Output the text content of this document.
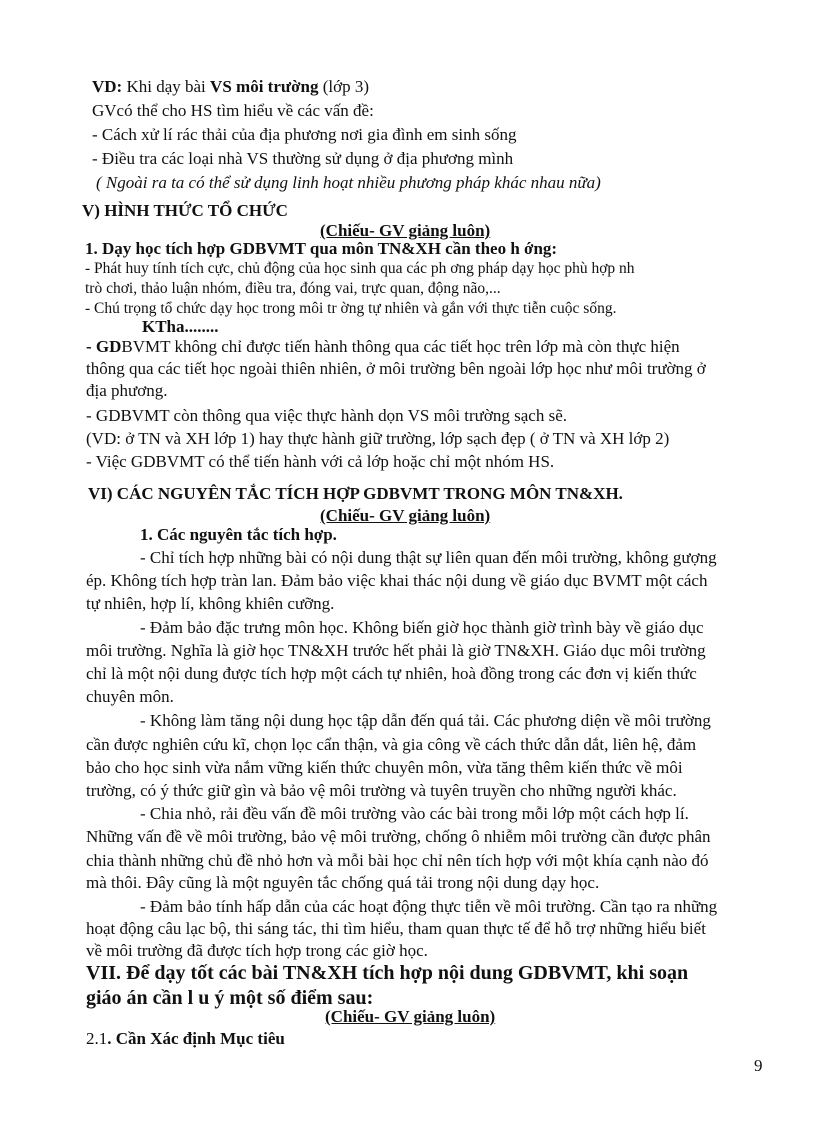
VD: Khi dạy bài VS môi trường (lớp 3)
GVcó thể cho HS tìm hiểu về các vấn đề:
- Cách xử lí rác thải của địa phương nơi gia đình em sinh sống
- Điều tra các loại nhà VS thường sử dụng ở địa phương mình
( Ngoài ra ta có thể sử dụng linh hoạt nhiều phương pháp khác nhau nữa)
V) HÌNH THỨC TỔ CHỨC
(Chiếu- GV giảng luôn)
1. Dạy học tích hợp GDBVMT qua môn TN&XH cần theo h ớng:
- Phát huy tính tích cực, chủ động của học sinh qua các ph ơng pháp dạy học phù hợp nh
trò chơi, thảo luận nhóm, điều tra, đóng vai, trực quan, động não,...
- Chú trọng tổ chức dạy học trong môi tr ờng tự nhiên và gắn với thực tiễn cuộc sống.
KTha........
- GDBVMT không chỉ được tiến hành thông qua các tiết học trên lớp mà còn thực hiện
thông qua các tiết học ngoài thiên nhiên, ở môi trường bên ngoài lớp học như môi trường ở
địa phương.
- GDBVMT còn thông qua việc thực hành dọn VS môi trường sạch sẽ.
(VD: ở TN và XH lớp 1) hay thực hành giữ trường, lớp sạch đẹp ( ở TN và XH lớp 2)
- Việc GDBVMT có thể tiến hành với cả lớp hoặc chỉ một nhóm HS.
VI) CÁC NGUYÊN TẮC TÍCH HỢP GDBVMT TRONG MÔN TN&XH.
(Chiếu- GV giảng luôn)
1. Các nguyên tắc tích hợp.
- Chỉ tích hợp những bài có nội dung thật sự liên quan đến môi trường, không gượng
ép. Không tích hợp tràn lan. Đảm bảo việc khai thác nội dung về giáo dục BVMT một cách
tự nhiên, hợp lí, không khiên cưỡng.
- Đảm bảo đặc trưng môn học. Không biến giờ học thành giờ trình bày về giáo dục
môi trường. Nghĩa là giờ học TN&XH trước hết phải là giờ TN&XH. Giáo dục môi trường
chỉ là một nội dung được tích hợp một cách tự nhiên, hoà đồng trong các đơn vị kiến thức
chuyên môn.
- Không làm tăng nội dung học tập dẫn đến quá tải. Các phương diện về môi trường
cần được nghiên cứu kĩ, chọn lọc cẩn thận, và gia công về cách thức dẫn dắt, liên hệ, đảm
bảo cho học sinh vừa nắm vững kiến thức chuyên môn, vừa tăng thêm kiến thức về môi
trường, có ý thức giữ gìn và bảo vệ môi trường và tuyên truyền cho những người khác.
- Chia nhỏ, rải đều vấn đề môi trường vào các bài trong mỗi lớp một cách hợp lí.
Những vấn đề về môi trường, bảo vệ môi trường, chống ô nhiễm môi trường cần được phân
chia thành những chủ đề nhỏ hơn và mỗi bài học chỉ nên tích hợp với một khía cạnh nào đó
mà thôi. Đây cũng là một nguyên tắc chống quá tải trong nội dung dạy học.
- Đảm bảo tính hấp dẫn của các hoạt động thực tiễn về môi trường. Cần tạo ra những
hoạt động câu lạc bộ, thi sáng tác, thi tìm hiểu, tham quan thực tế để hỗ trợ những hiểu biết
về môi trường đã được tích hợp trong các giờ học.
VII. Để dạy tốt các bài TN&XH tích hợp nội dung GDBVMT, khi soạn
giáo án cần l u ý một số điểm sau:
(Chiếu- GV giảng luôn)
2.1. Cần Xác định Mục tiêu
9
